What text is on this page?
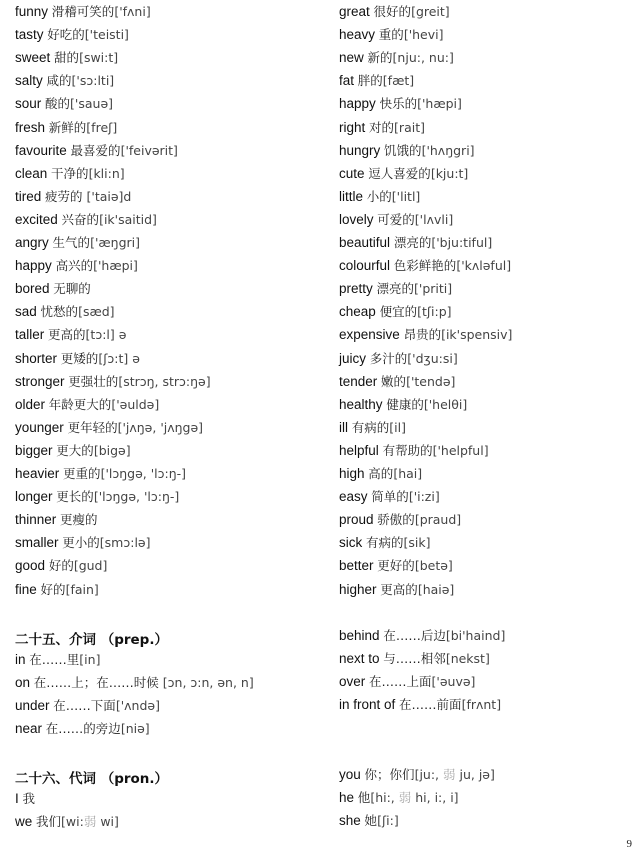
funny 滑稽可笑的['fʌni]
tasty 好吃的['teisti]
sweet 甜的[swi:t]
salty 咸的['sɔ:lti]
sour 酸的['sauə]
fresh 新鲜的[freʃ]
favourite 最喜爱的['feivərit]
clean 干净的[kli:n]
tired 疲劳的 ['taiə]d
excited 兴奋的[ik'saitid]
angry 生气的['æŋgri]
happy 高兴的['hæpi]
bored 无聊的
sad 忧愁的[sæd]
taller 更高的[tɔ:l] ə
shorter 更矮的[ʃɔ:t] ə
stronger 更强壮的[strɔŋ, strɔ:ŋə]
older 年龄更大的['əuldə]
younger 更年轻的['jʌŋə, 'jʌŋgə]
bigger 更大的[bigə]
heavier 更重的['lɔŋgə, 'lɔ:ŋ-]
longer 更长的['lɔŋgə, 'lɔ:ŋ-]
thinner 更瘦的
smaller 更小的[smɔ:lə]
good 好的[gud]
fine 好的[fain]
二十五、介词 （prep.）
in 在……里[in]
on 在……上；在……时候 [ɔn, ɔ:n, ən, n]
under 在……下面['ʌndə]
near 在……的旁边[niə]
二十六、代词 （pron.）
I 我
we 我们[wi:弱 wi]
great 很好的[greit]
heavy 重的['hevi]
new 新的[nju:, nu:]
fat 胖的[fæt]
happy 快乐的['hæpi]
right 对的[rait]
hungry 饥饿的['hʌŋgri]
cute 逗人喜爱的[kju:t]
little 小的['litl]
lovely 可爱的['lʌvli]
beautiful 漂亮的['bju:tiful]
colourful 色彩鲜艳的['kʌləful]
pretty 漂亮的['priti]
cheap 便宜的[tʃi:p]
expensive 昂贵的[ik'spensiv]
juicy 多汁的['dʒu:si]
tender 嫩的['tendə]
healthy 健康的['helθi]
ill 有病的[il]
helpful 有帮助的['helpful]
high 高的[hai]
easy 简单的['i:zi]
proud 骄傲的[praud]
sick 有病的[sik]
better 更好的[betə]
higher 更高的[haiə]
behind 在……后边[bi'haind]
next to 与……相邻[nekst]
over 在……上面['əuvə]
in front of 在……前面[frʌnt]
you 你；你们[ju:, 弱 ju, jə]
he 他[hi:, 弱 hi, i:, i]
she 她[ʃi:]
9
